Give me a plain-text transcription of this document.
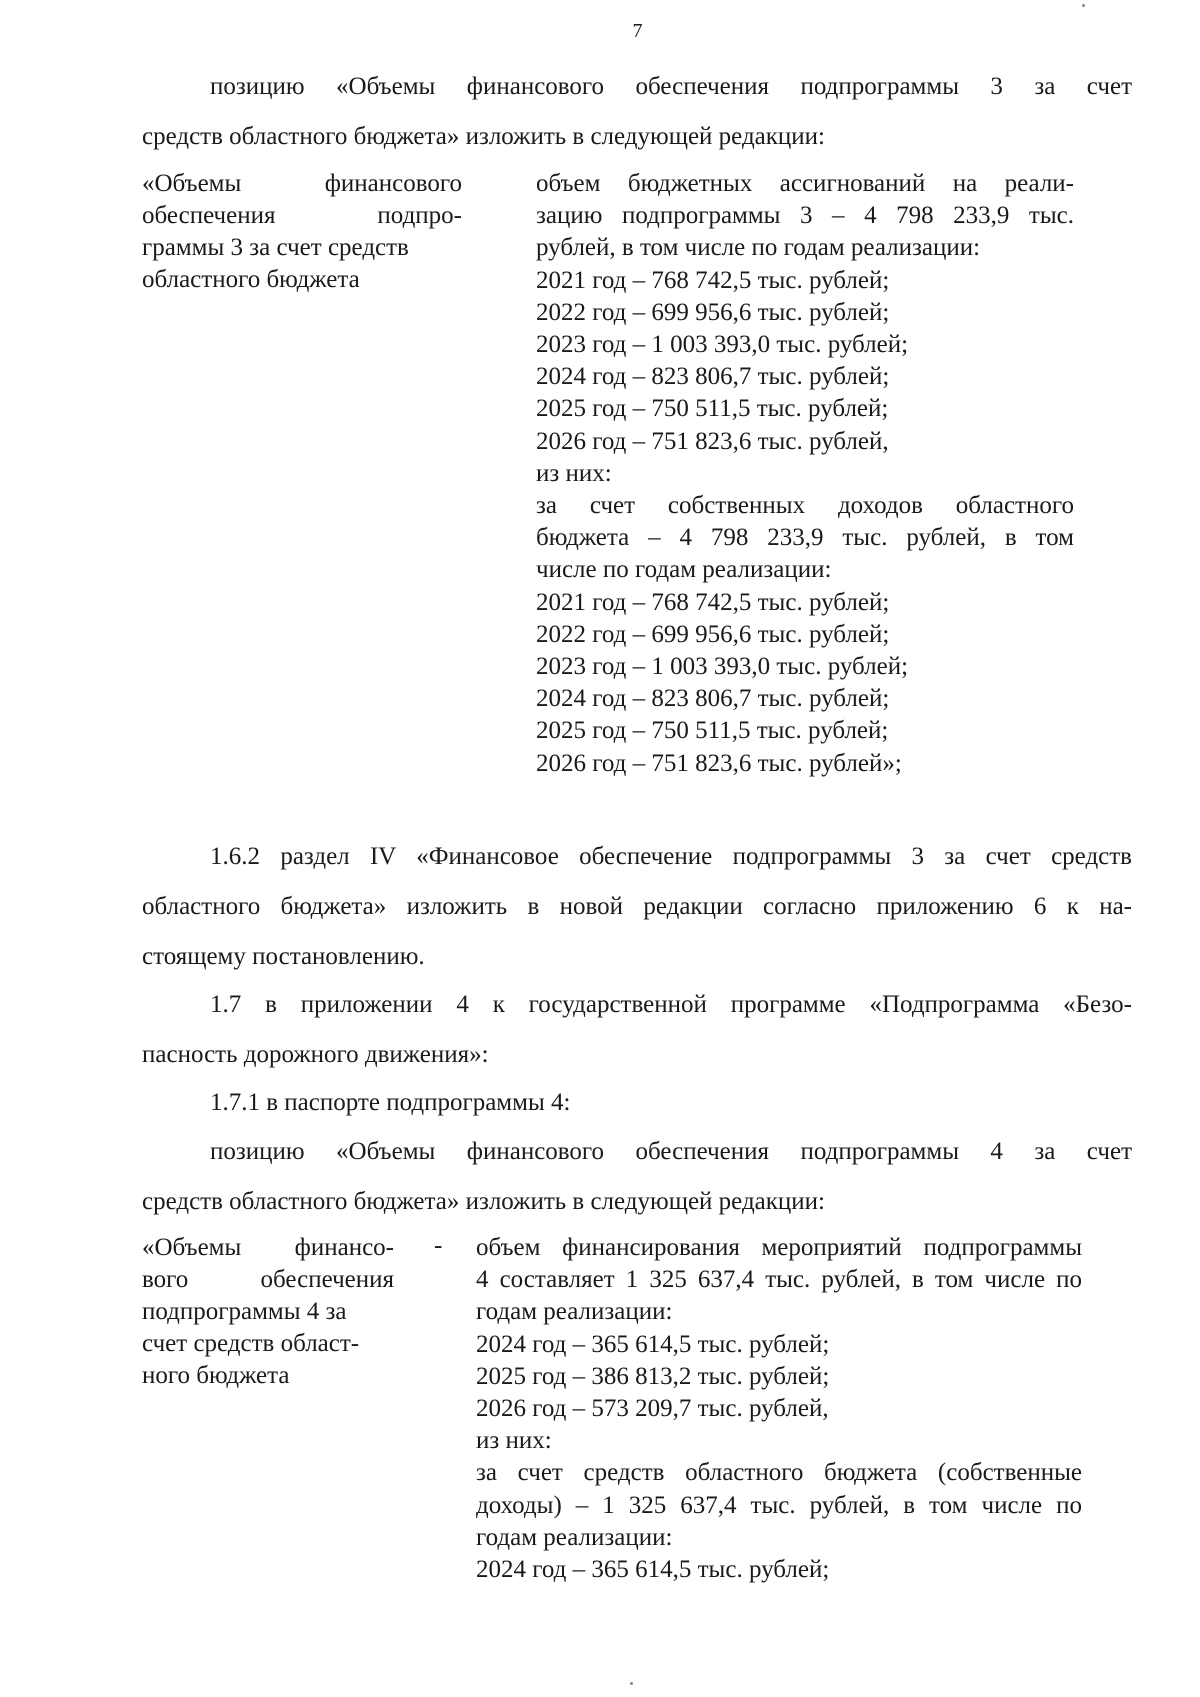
7

позицию «Объемы финансового обеспечения подпрограммы 3 за счет

средств областного бюджета» изложить в следующей редакции:

«Объемы финансового
обеспечения подпро-
граммы 3 за счет средств
областного бюджета
объем бюджетных ассигнований на реали-
зацию подпрограммы 3 – 4 798 233,9 тыс.
рублей, в том числе по годам реализации:
2021 год – 768 742,5 тыс. рублей;
2022 год – 699 956,6 тыс. рублей;
2023 год – 1 003 393,0 тыс. рублей;
2024 год – 823 806,7 тыс. рублей;
2025 год – 750 511,5 тыс. рублей;
2026 год – 751 823,6 тыс. рублей,
из них:
за счет собственных доходов областного
бюджета – 4 798 233,9 тыс. рублей, в том
числе по годам реализации:
2021 год – 768 742,5 тыс. рублей;
2022 год – 699 956,6 тыс. рублей;
2023 год – 1 003 393,0 тыс. рублей;
2024 год – 823 806,7 тыс. рублей;
2025 год – 750 511,5 тыс. рублей;
2026 год – 751 823,6 тыс. рублей»;

1.6.2 раздел IV «Финансовое обеспечение подпрограммы 3 за счет средств

областного бюджета» изложить в новой редакции согласно приложению 6 к на-

стоящему постановлению.

1.7 в приложении 4 к государственной программе «Подпрограмма «Безо-

пасность дорожного движения»:

1.7.1 в паспорте подпрограммы 4:

позицию «Объемы финансового обеспечения подпрограммы 4 за счет

средств областного бюджета» изложить в следующей редакции:

«Объемы финансо-
вого обеспечения
подпрограммы 4 за
счет средств област-
ного бюджета
- объем финансирования мероприятий подпрограммы
4 составляет 1 325 637,4 тыс. рублей, в том числе по
годам реализации:
2024 год – 365 614,5 тыс. рублей;
2025 год – 386 813,2 тыс. рублей;
2026 год – 573 209,7 тыс. рублей,
из них:
за счет средств областного бюджета (собственные
доходы) – 1 325 637,4 тыс. рублей, в том числе по
годам реализации:
2024 год – 365 614,5 тыс. рублей;
